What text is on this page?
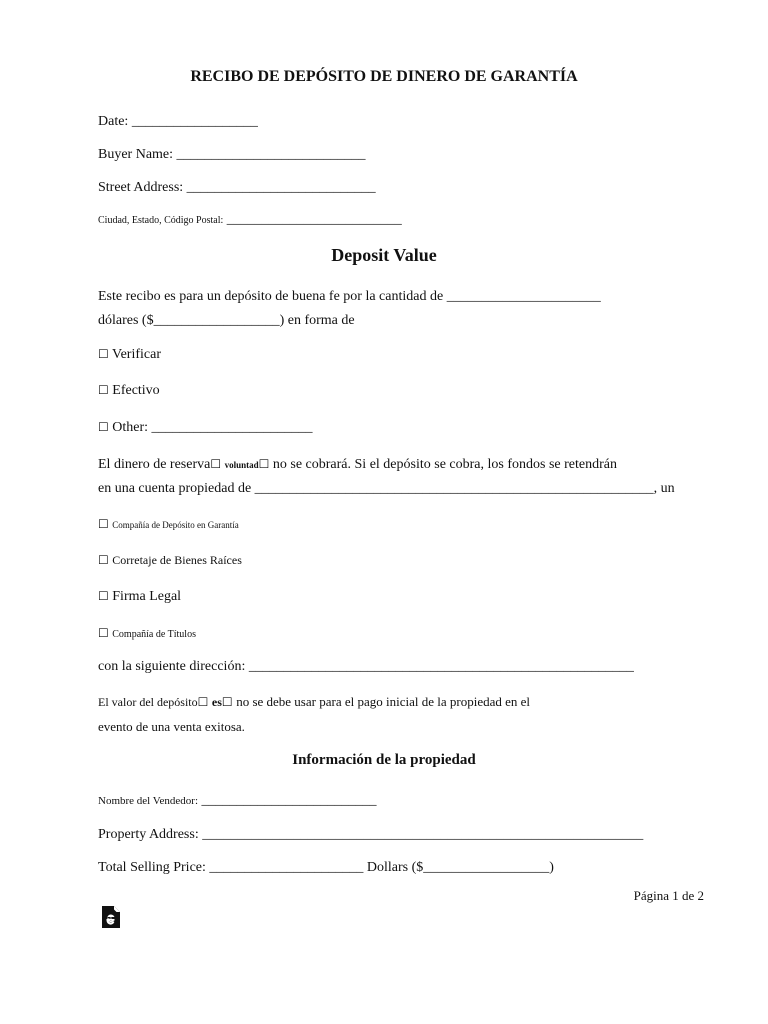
RECIBO DE DEPÓSITO DE DINERO DE GARANTÍA
Date: __________________
Buyer Name: ___________________________
Street Address: ___________________________
Ciudad, Estado, Código Postal: _________________________
Deposit Value
Este recibo es para un depósito de buena fe por la cantidad de ______________________
dólares ($__________________) en forma de
☐ Verificar
☐ Efectivo
☐ Other: _______________________
El dinero de reserva☐ voluntad☐ no se cobrará. Si el depósito se cobra, los fondos se retendrán
en una cuenta propiedad de _________________________________________________________, un
☐ Compañía de Depósito en Garantía
☐ Corretaje de Bienes Raíces
☐ Firma Legal
☐ Compañía de Títulos
con la siguiente dirección: _______________________________________________________
El valor del depósito☐ es☐ no se debe usar para el pago inicial de la propiedad en el
evento de una venta exitosa.
Información de la propiedad
Nombre del Vendedor: _________________________
Property Address: _______________________________________________________________
Total Selling Price: ______________________ Dollars ($__________________)
Página 1 de 2
